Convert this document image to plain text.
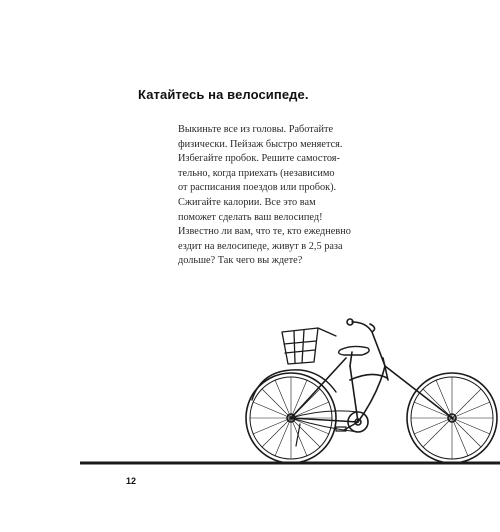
Катайтесь на велосипеде.
Выкиньте все из головы. Работайте
физически. Пейзаж быстро меняется.
Избегайте пробок. Решите самостоя-
тельно, когда приехать (независимо
от расписания поездов или пробок).
Сжигайте калории. Все это вам
поможет сделать ваш велосипед!
Известно ли вам, что те, кто ежедневно
ездит на велосипеде, живут в 2,5 раза
дольше? Так чего вы ждете?
12
